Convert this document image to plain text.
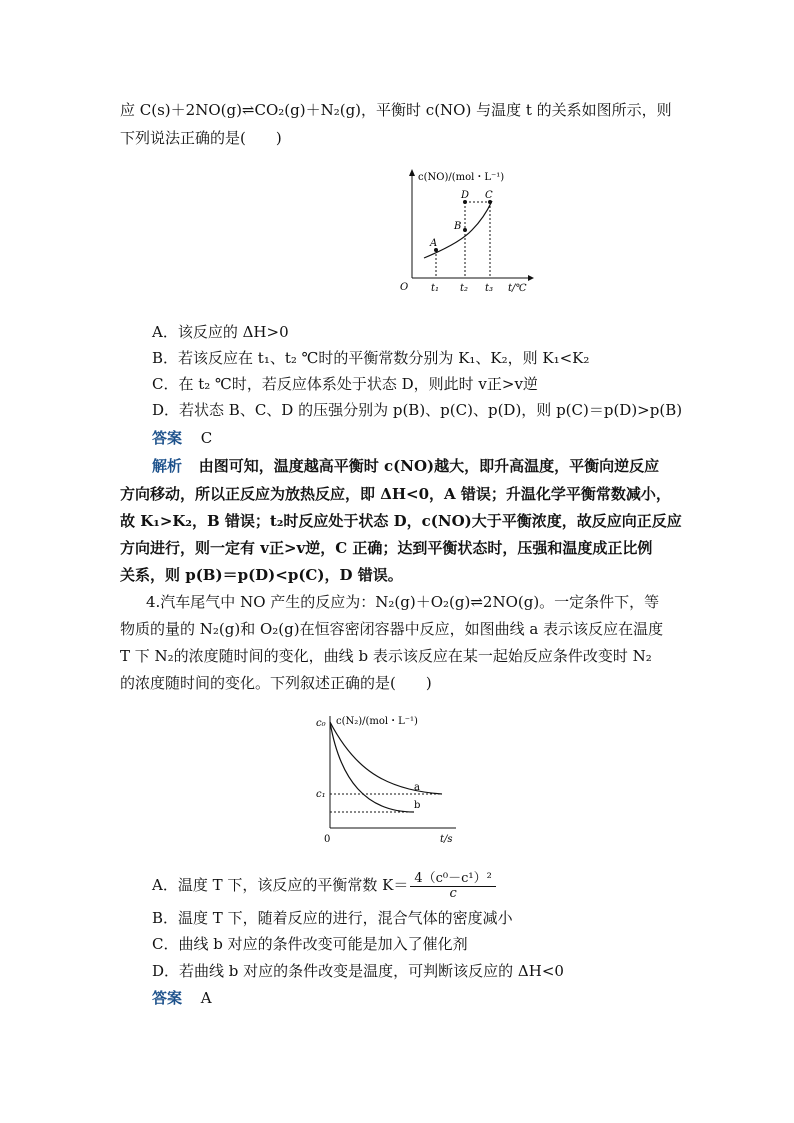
应 C(s)＋2NO(g)⇌CO₂(g)＋N₂(g)，平衡时 c(NO) 与温度 t 的关系如图所示，则
下列说法正确的是(　　)
c(NO)/(mol・L⁻¹)
A
B
C
D
O t₁ t₂ t₃ t/℃
A．该反应的 ΔH>0
B．若该反应在 t₁、t₂ ℃时的平衡常数分别为 K₁、K₂，则 K₁<K₂
C．在 t₂ ℃时，若反应体系处于状态 D，则此时 v正>v逆
D．若状态 B、C、D 的压强分别为 p(B)、p(C)、p(D)，则 p(C)＝p(D)>p(B)
答案 C
解析 由图可知，温度越高平衡时 c(NO)越大，即升高温度，平衡向逆反应
方向移动，所以正反应为放热反应，即 ΔH<0，A 错误；升温化学平衡常数减小，
故 K₁>K₂，B 错误；t₂时反应处于状态 D，c(NO)大于平衡浓度，故反应向正反应
方向进行，则一定有 v正>v逆，C 正确；达到平衡状态时，压强和温度成正比例
关系，则 p(B)＝p(D)<p(C)，D 错误。
4.汽车尾气中 NO 产生的反应为：N₂(g)＋O₂(g)⇌2NO(g)。一定条件下，等
物质的量的 N₂(g)和 O₂(g)在恒容密闭容器中反应，如图曲线 a 表示该反应在温度
T 下 N₂的浓度随时间的变化，曲线 b 表示该反应在某一起始反应条件改变时 N₂
的浓度随时间的变化。下列叙述正确的是(　　)
c₀ c(N₂)/(mol・L⁻¹)
c₁
a
b
0	t/s
A．温度 T 下，该反应的平衡常数 $K= \frac{\text{4（c⁰－c¹）²}}{c}$
B．温度 T 下，随着反应的进行，混合气体的密度减小
C．曲线 b 对应的条件改变可能是加入了催化剂
D．若曲线 b 对应的条件改变是温度，可判断该反应的 ΔH<0
答案 A
